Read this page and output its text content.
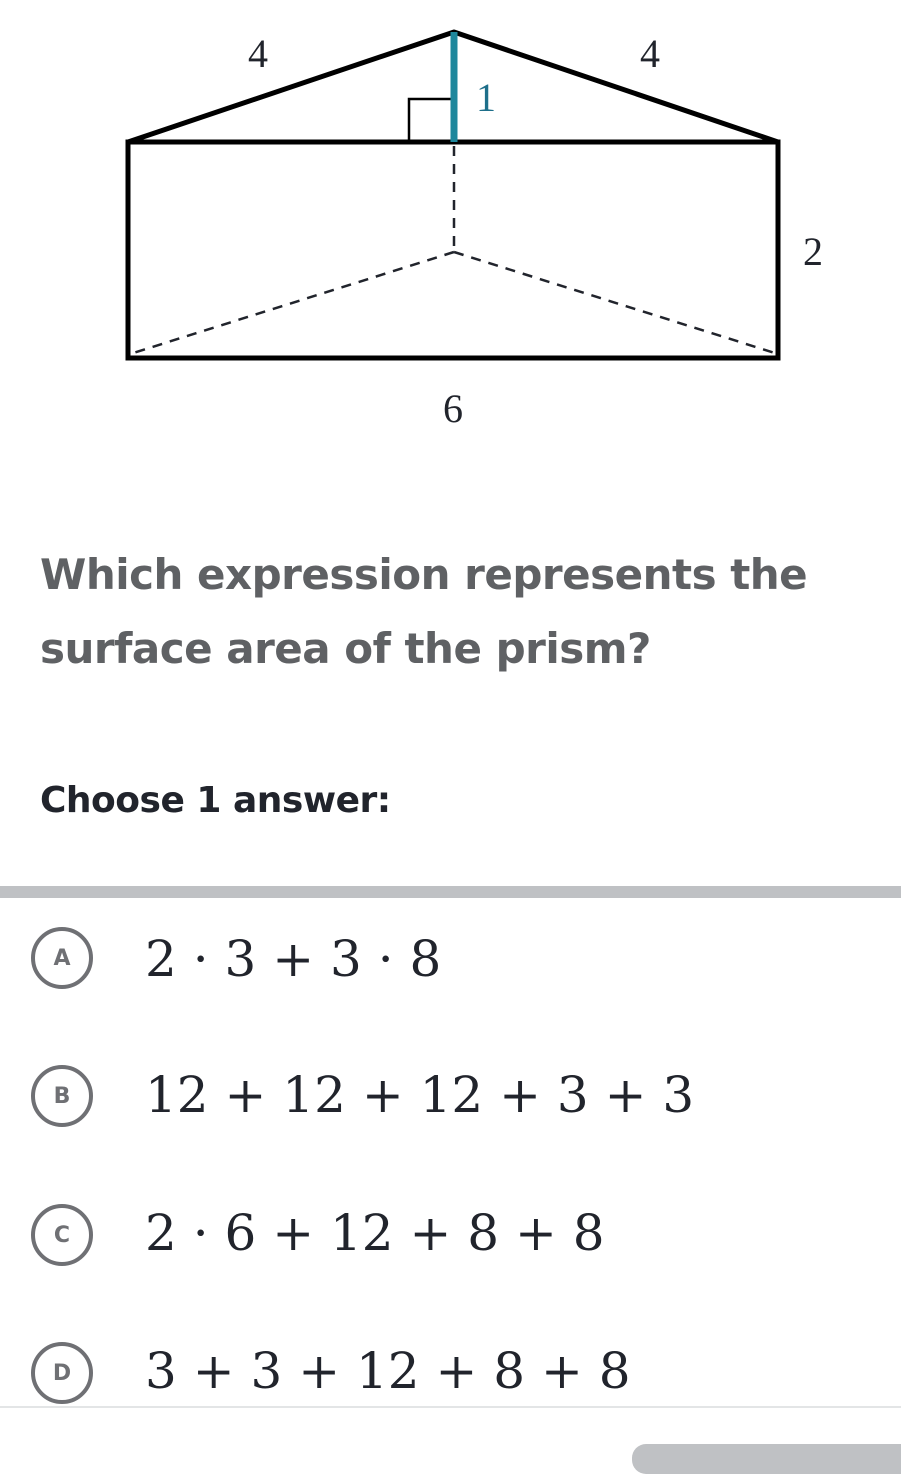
4	4
1
2
6
Which expression represents the
surface area of the prism?
Choose 1 answer:
A	2 · 3 + 3 · 8
B	12 + 12 + 12 + 3 + 3
C	2 · 6 + 12 + 8 + 8
D	3 + 3 + 12 + 8 + 8
